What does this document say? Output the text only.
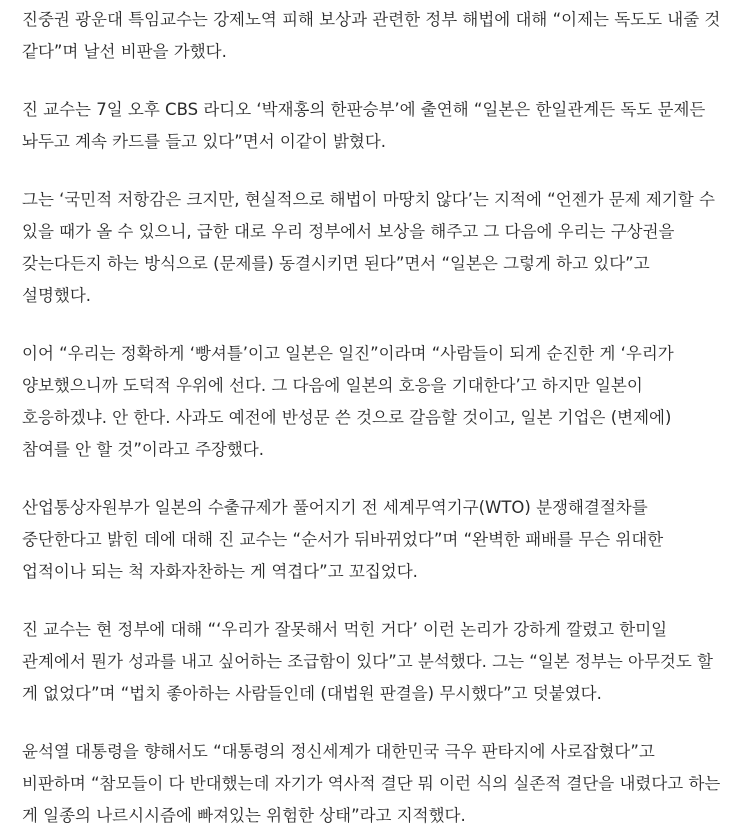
진중권 광운대 특임교수는 강제노역 피해 보상과 관련한 정부 해법에 대해 “이제는 독도도 내줄 것 같다”며 날선 비판을 가했다.

진 교수는 7일 오후 CBS 라디오 ‘박재홍의 한판승부’에 출연해 “일본은 한일관계든 독도 문제든 놔두고 계속 카드를 들고 있다”면서 이같이 밝혔다.

그는 ‘국민적 저항감은 크지만, 현실적으로 해법이 마땅치 않다’는 지적에 “언젠가 문제 제기할 수 있을 때가 올 수 있으니, 급한 대로 우리 정부에서 보상을 해주고 그 다음에 우리는 구상권을 갖는다든지 하는 방식으로 (문제를) 동결시키면 된다”면서 “일본은 그렇게 하고 있다”고 설명했다.

이어 “우리는 정확하게 ‘빵셔틀’이고 일본은 일진”이라며 “사람들이 되게 순진한 게 ‘우리가 양보했으니까 도덕적 우위에 선다. 그 다음에 일본의 호응을 기대한다’고 하지만 일본이 호응하겠냐. 안 한다. 사과도 예전에 반성문 쓴 것으로 갈음할 것이고, 일본 기업은 (변제에) 참여를 안 할 것”이라고 주장했다.

산업통상자원부가 일본의 수출규제가 풀어지기 전 세계무역기구(WTO) 분쟁해결절차를 중단한다고 밝힌 데에 대해 진 교수는 “순서가 뒤바뀌었다”며 “완벽한 패배를 무슨 위대한 업적이나 되는 척 자화자찬하는 게 역겹다”고 꼬집었다.

진 교수는 현 정부에 대해 “‘우리가 잘못해서 먹힌 거다’ 이런 논리가 강하게 깔렸고 한미일 관계에서 뭔가 성과를 내고 싶어하는 조급함이 있다”고 분석했다. 그는 “일본 정부는 아무것도 할 게 없었다”며 “법치 좋아하는 사람들인데 (대법원 판결을) 무시했다”고 덧붙였다.

윤석열 대통령을 향해서도 “대통령의 정신세계가 대한민국 극우 판타지에 사로잡혔다”고 비판하며 “참모들이 다 반대했는데 자기가 역사적 결단 뭐 이런 식의 실존적 결단을 내렸다고 하는 게 일종의 나르시시즘에 빠져있는 위험한 상태”라고 지적했다.
